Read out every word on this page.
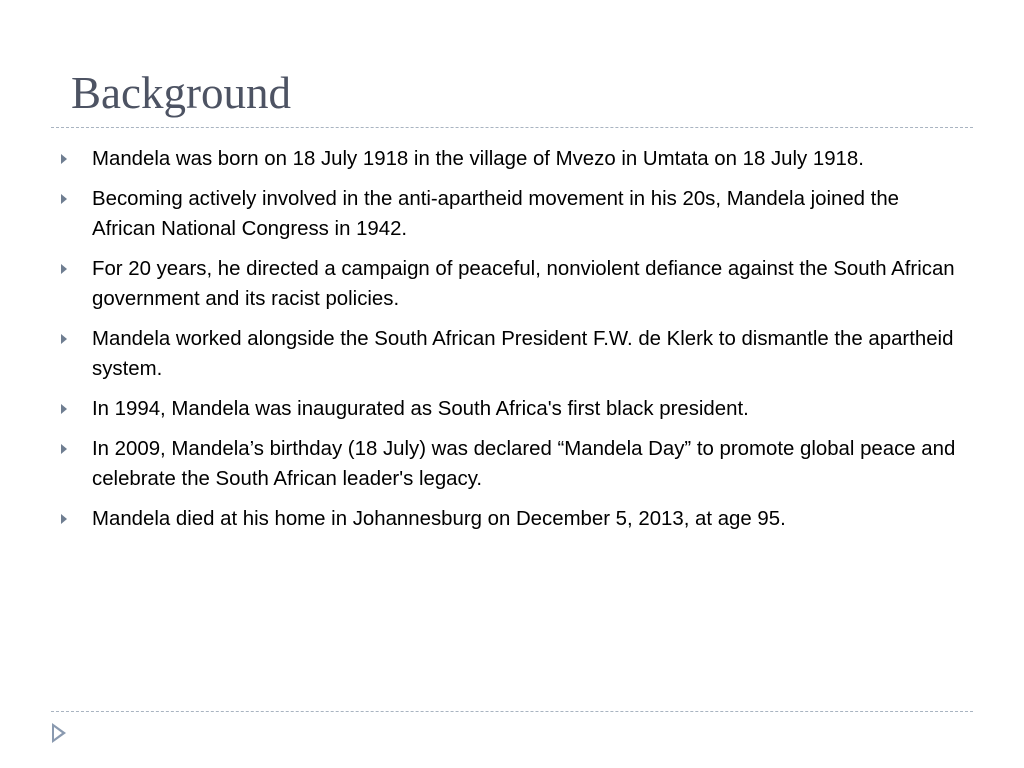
Background
Mandela was born on 18 July 1918 in the village of Mvezo in Umtata on 18 July 1918.
Becoming actively involved in the anti-apartheid movement in his 20s, Mandela joined the African National Congress in 1942.
For 20 years, he directed a campaign of peaceful, nonviolent defiance against the South African government and its racist policies.
Mandela worked alongside the South African President F.W. de Klerk to dismantle the apartheid system.
In 1994, Mandela was inaugurated as South Africa's first black president.
In 2009, Mandela’s birthday (18 July) was declared “Mandela Day” to promote global peace and celebrate the South African leader's legacy.
Mandela died at his home in Johannesburg on December 5, 2013, at age 95.
